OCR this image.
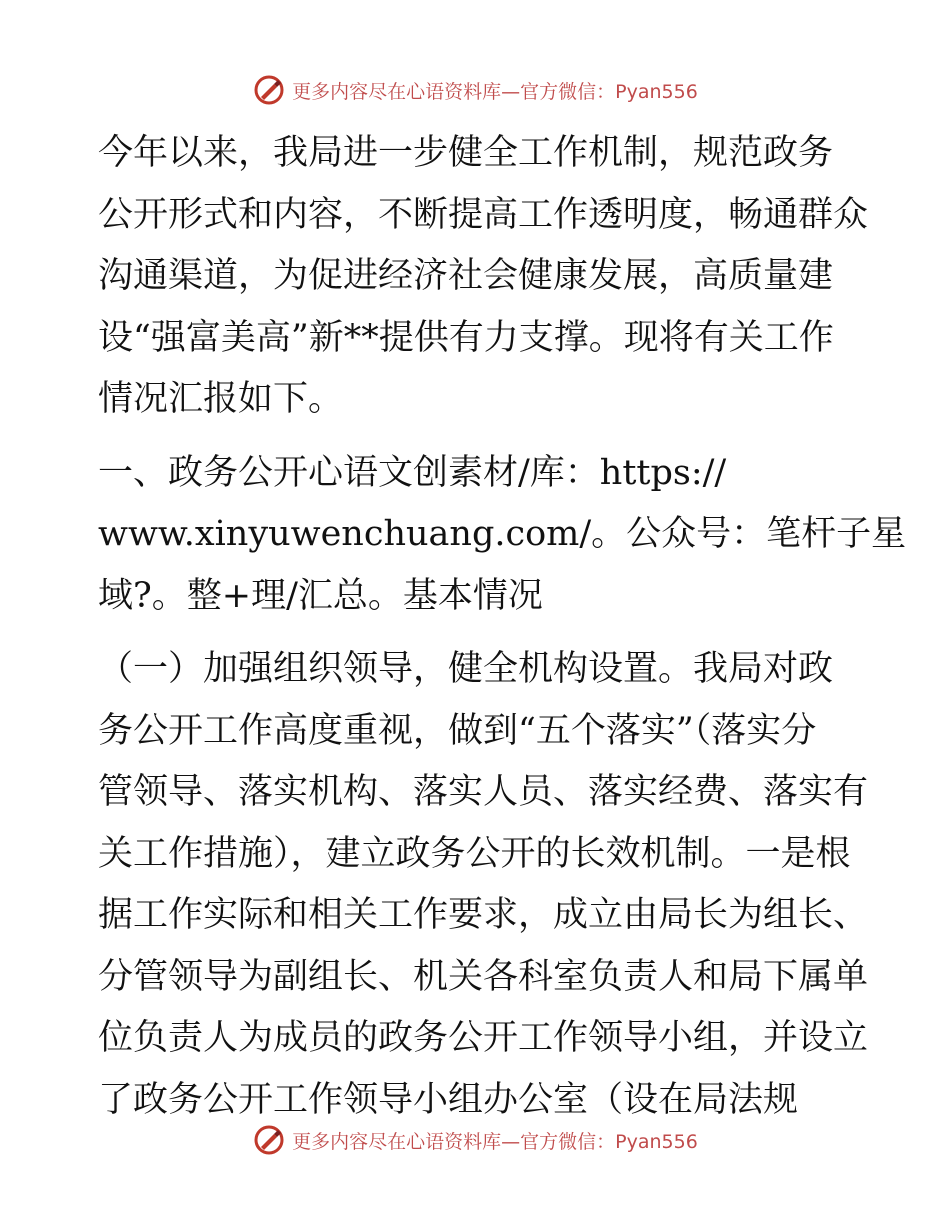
更多内容尽在心语资料库—官方微信：Pyan556
今年以来，我局进一步健全工作机制，规范政务
公开形式和内容，不断提高工作透明度，畅通群众
沟通渠道，为促进经济社会健康发展，高质量建
设“强富美高”新**提供有力支撑。现将有关工作
情况汇报如下。
一、政务公开心语文创素材/库：https://
www.xinyuwenchuang.com/。公众号：笔杆子星
域?。整+理/汇总。基本情况
（一）加强组织领导，健全机构设置。我局对政
务公开工作高度重视，做到“五个落实”（落实分
管领导、落实机构、落实人员、落实经费、落实有
关工作措施），建立政务公开的长效机制。一是根
据工作实际和相关工作要求，成立由局长为组长、
分管领导为副组长、机关各科室负责人和局下属单
位负责人为成员的政务公开工作领导小组，并设立
了政务公开工作领导小组办公室（设在局法规
更多内容尽在心语资料库—官方微信：Pyan556
